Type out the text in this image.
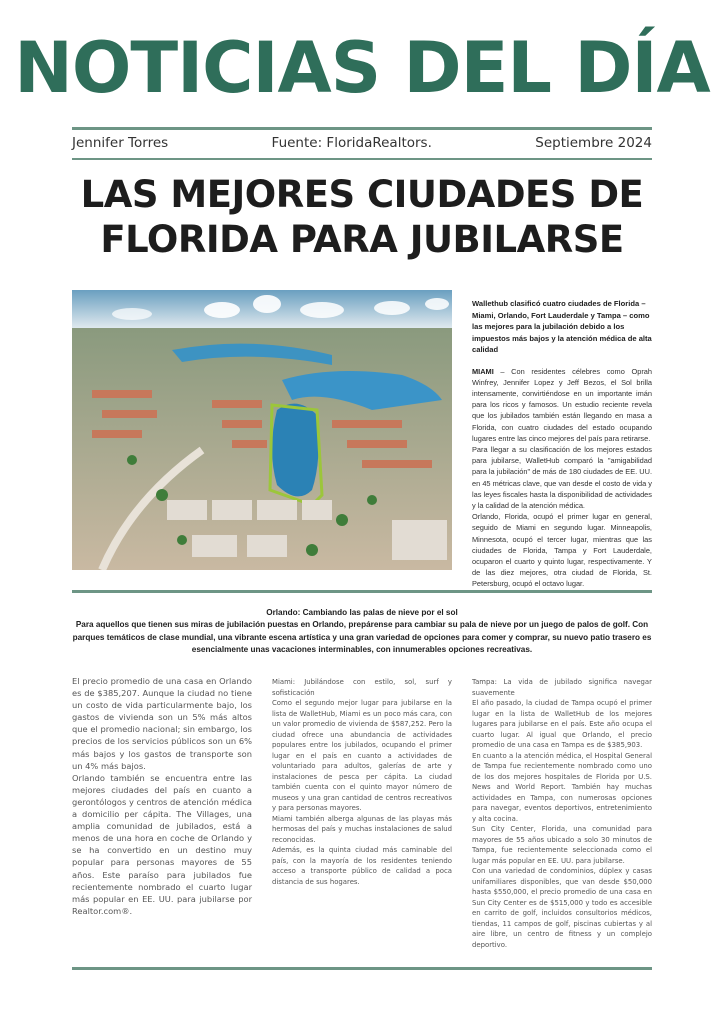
NOTICIAS DEL DÍA
Jennifer Torres	Fuente: FloridaRealtors.	Septiembre 2024
LAS MEJORES CIUDADES DE
FLORIDA PARA JUBILARSE

Wallethub clasificó cuatro ciudades de Florida – Miami, Orlando, Fort Lauderdale y Tampa – como las mejores para la jubilación debido a los impuestos más bajos y la atención médica de alta calidad

MIAMI – Con residentes célebres como Oprah Winfrey, Jennifer Lopez y Jeff Bezos, el Sol brilla intensamente, convirtiéndose en un importante imán para los ricos y famosos. Un estudio reciente revela que los jubilados también están llegando en masa a Florida, con cuatro ciudades del estado ocupando lugares entre las cinco mejores del país para retirarse.

Para llegar a su clasificación de los mejores estados para jubilarse, WalletHub comparó la "amigabilidad para la jubilación" de más de 180 ciudades de EE. UU. en 45 métricas clave, que van desde el costo de vida y las leyes fiscales hasta la disponibilidad de actividades y la calidad de la atención médica.

Orlando, Florida, ocupó el primer lugar en general, seguido de Miami en segundo lugar. Minneapolis, Minnesota, ocupó el tercer lugar, mientras que las ciudades de Florida, Tampa y Fort Lauderdale, ocuparon el cuarto y quinto lugar, respectivamente. Y de las diez mejores, otra ciudad de Florida, St. Petersburg, ocupó el octavo lugar.

Orlando: Cambiando las palas de nieve por el sol
Para aquellos que tienen sus miras de jubilación puestas en Orlando, prepárense para cambiar su pala de nieve por un juego de palos de golf. Con parques temáticos de clase mundial, una vibrante escena artística y una gran variedad de opciones para comer y comprar, su nuevo patio trasero es esencialmente unas vacaciones interminables, con innumerables opciones recreativas.

El precio promedio de una casa en Orlando es de $385,207. Aunque la ciudad no tiene un costo de vida particularmente bajo, los gastos de vivienda son un 5% más altos que el promedio nacional; sin embargo, los precios de los servicios públicos son un 6% más bajos y los gastos de transporte son un 4% más bajos.

Orlando también se encuentra entre las mejores ciudades del país en cuanto a gerontólogos y centros de atención médica a domicilio per cápita. The Villages, una amplia comunidad de jubilados, está a menos de una hora en coche de Orlando y se ha convertido en un destino muy popular para personas mayores de 55 años. Este paraíso para jubilados fue recientemente nombrado el cuarto lugar más popular en EE. UU. para jubilarse por Realtor.com®.

Miami: Jubilándose con estilo, sol, surf y sofisticación

Como el segundo mejor lugar para jubilarse en la lista de WalletHub, Miami es un poco más cara, con un valor promedio de vivienda de $587,252. Pero la ciudad ofrece una abundancia de actividades populares entre los jubilados, ocupando el primer lugar en el país en cuanto a actividades de voluntariado para adultos, galerías de arte y instalaciones de pesca per cápita. La ciudad también cuenta con el quinto mayor número de museos y una gran cantidad de centros recreativos y para personas mayores.

Miami también alberga algunas de las playas más hermosas del país y muchas instalaciones de salud reconocidas.

Además, es la quinta ciudad más caminable del país, con la mayoría de los residentes teniendo acceso a transporte público de calidad a poca distancia de sus hogares.

Tampa: La vida de jubilado significa navegar suavemente

El año pasado, la ciudad de Tampa ocupó el primer lugar en la lista de WalletHub de los mejores lugares para jubilarse en el país. Este año ocupa el cuarto lugar. Al igual que Orlando, el precio promedio de una casa en Tampa es de $385,903.

En cuanto a la atención médica, el Hospital General de Tampa fue recientemente nombrado como uno de los dos mejores hospitales de Florida por U.S. News and World Report. También hay muchas actividades en Tampa, con numerosas opciones para navegar, eventos deportivos, entretenimiento y alta cocina.

Sun City Center, Florida, una comunidad para mayores de 55 años ubicado a solo 30 minutos de Tampa, fue recientemente seleccionada como el lugar más popular en EE. UU. para jubilarse.

Con una variedad de condominios, dúplex y casas unifamiliares disponibles, que van desde $50,000 hasta $550,000, el precio promedio de una casa en Sun City Center es de $515,000 y todo es accesible en carrito de golf, incluidos consultorios médicos, tiendas, 11 campos de golf, piscinas cubiertas y al aire libre, un centro de fitness y un complejo deportivo.
